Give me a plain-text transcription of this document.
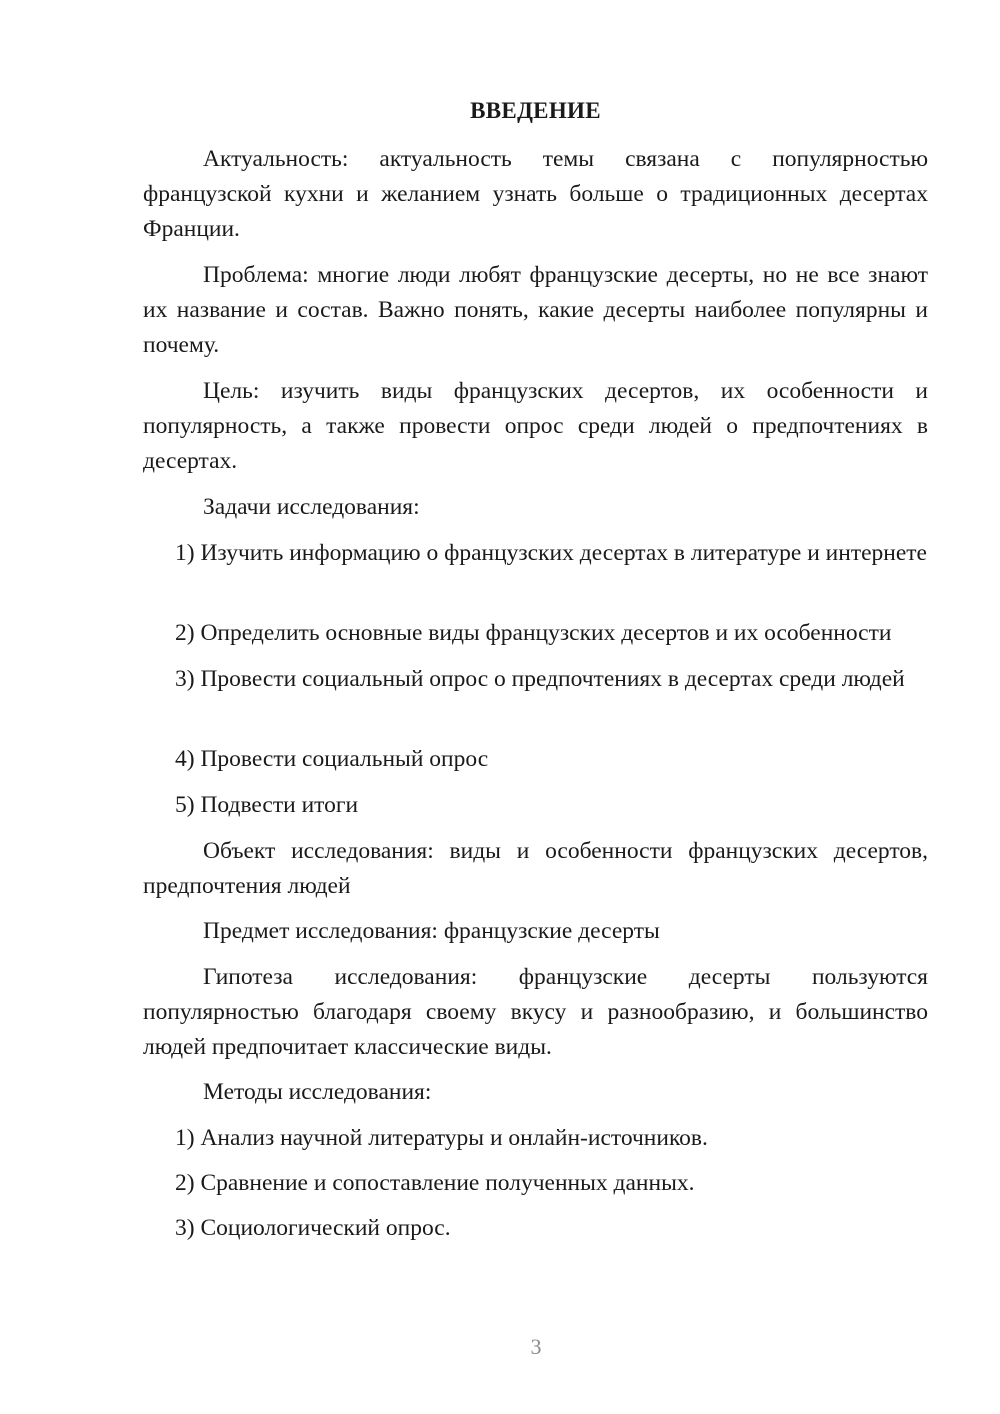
ВВЕДЕНИЕ

Актуальность: актуальность темы связана с популярностью французской кухни и желанием узнать больше о традиционных десертах Франции.

Проблема: многие люди любят французские десерты, но не все знают их название и состав. Важно понять, какие десерты наиболее популярны и почему.

Цель: изучить виды французских десертов, их особенности и популярность, а также провести опрос среди людей о предпочтениях в десертах.

Задачи исследования:

1) Изучить информацию о французских десертах в литературе и интернете

2) Определить основные виды французских десертов и их особенности

3) Провести социальный опрос о предпочтениях в десертах среди людей

4) Провести социальный опрос

5) Подвести итоги

Объект исследования: виды и особенности французских десертов, предпочтения людей

Предмет исследования: французские десерты

Гипотеза исследования: французские десерты пользуются популярностью благодаря своему вкусу и разнообразию, и большинство людей предпочитает классические виды.

Методы исследования:

1) Анализ научной литературы и онлайн-источников.

2) Сравнение и сопоставление полученных данных.

3) Социологический опрос.

3
